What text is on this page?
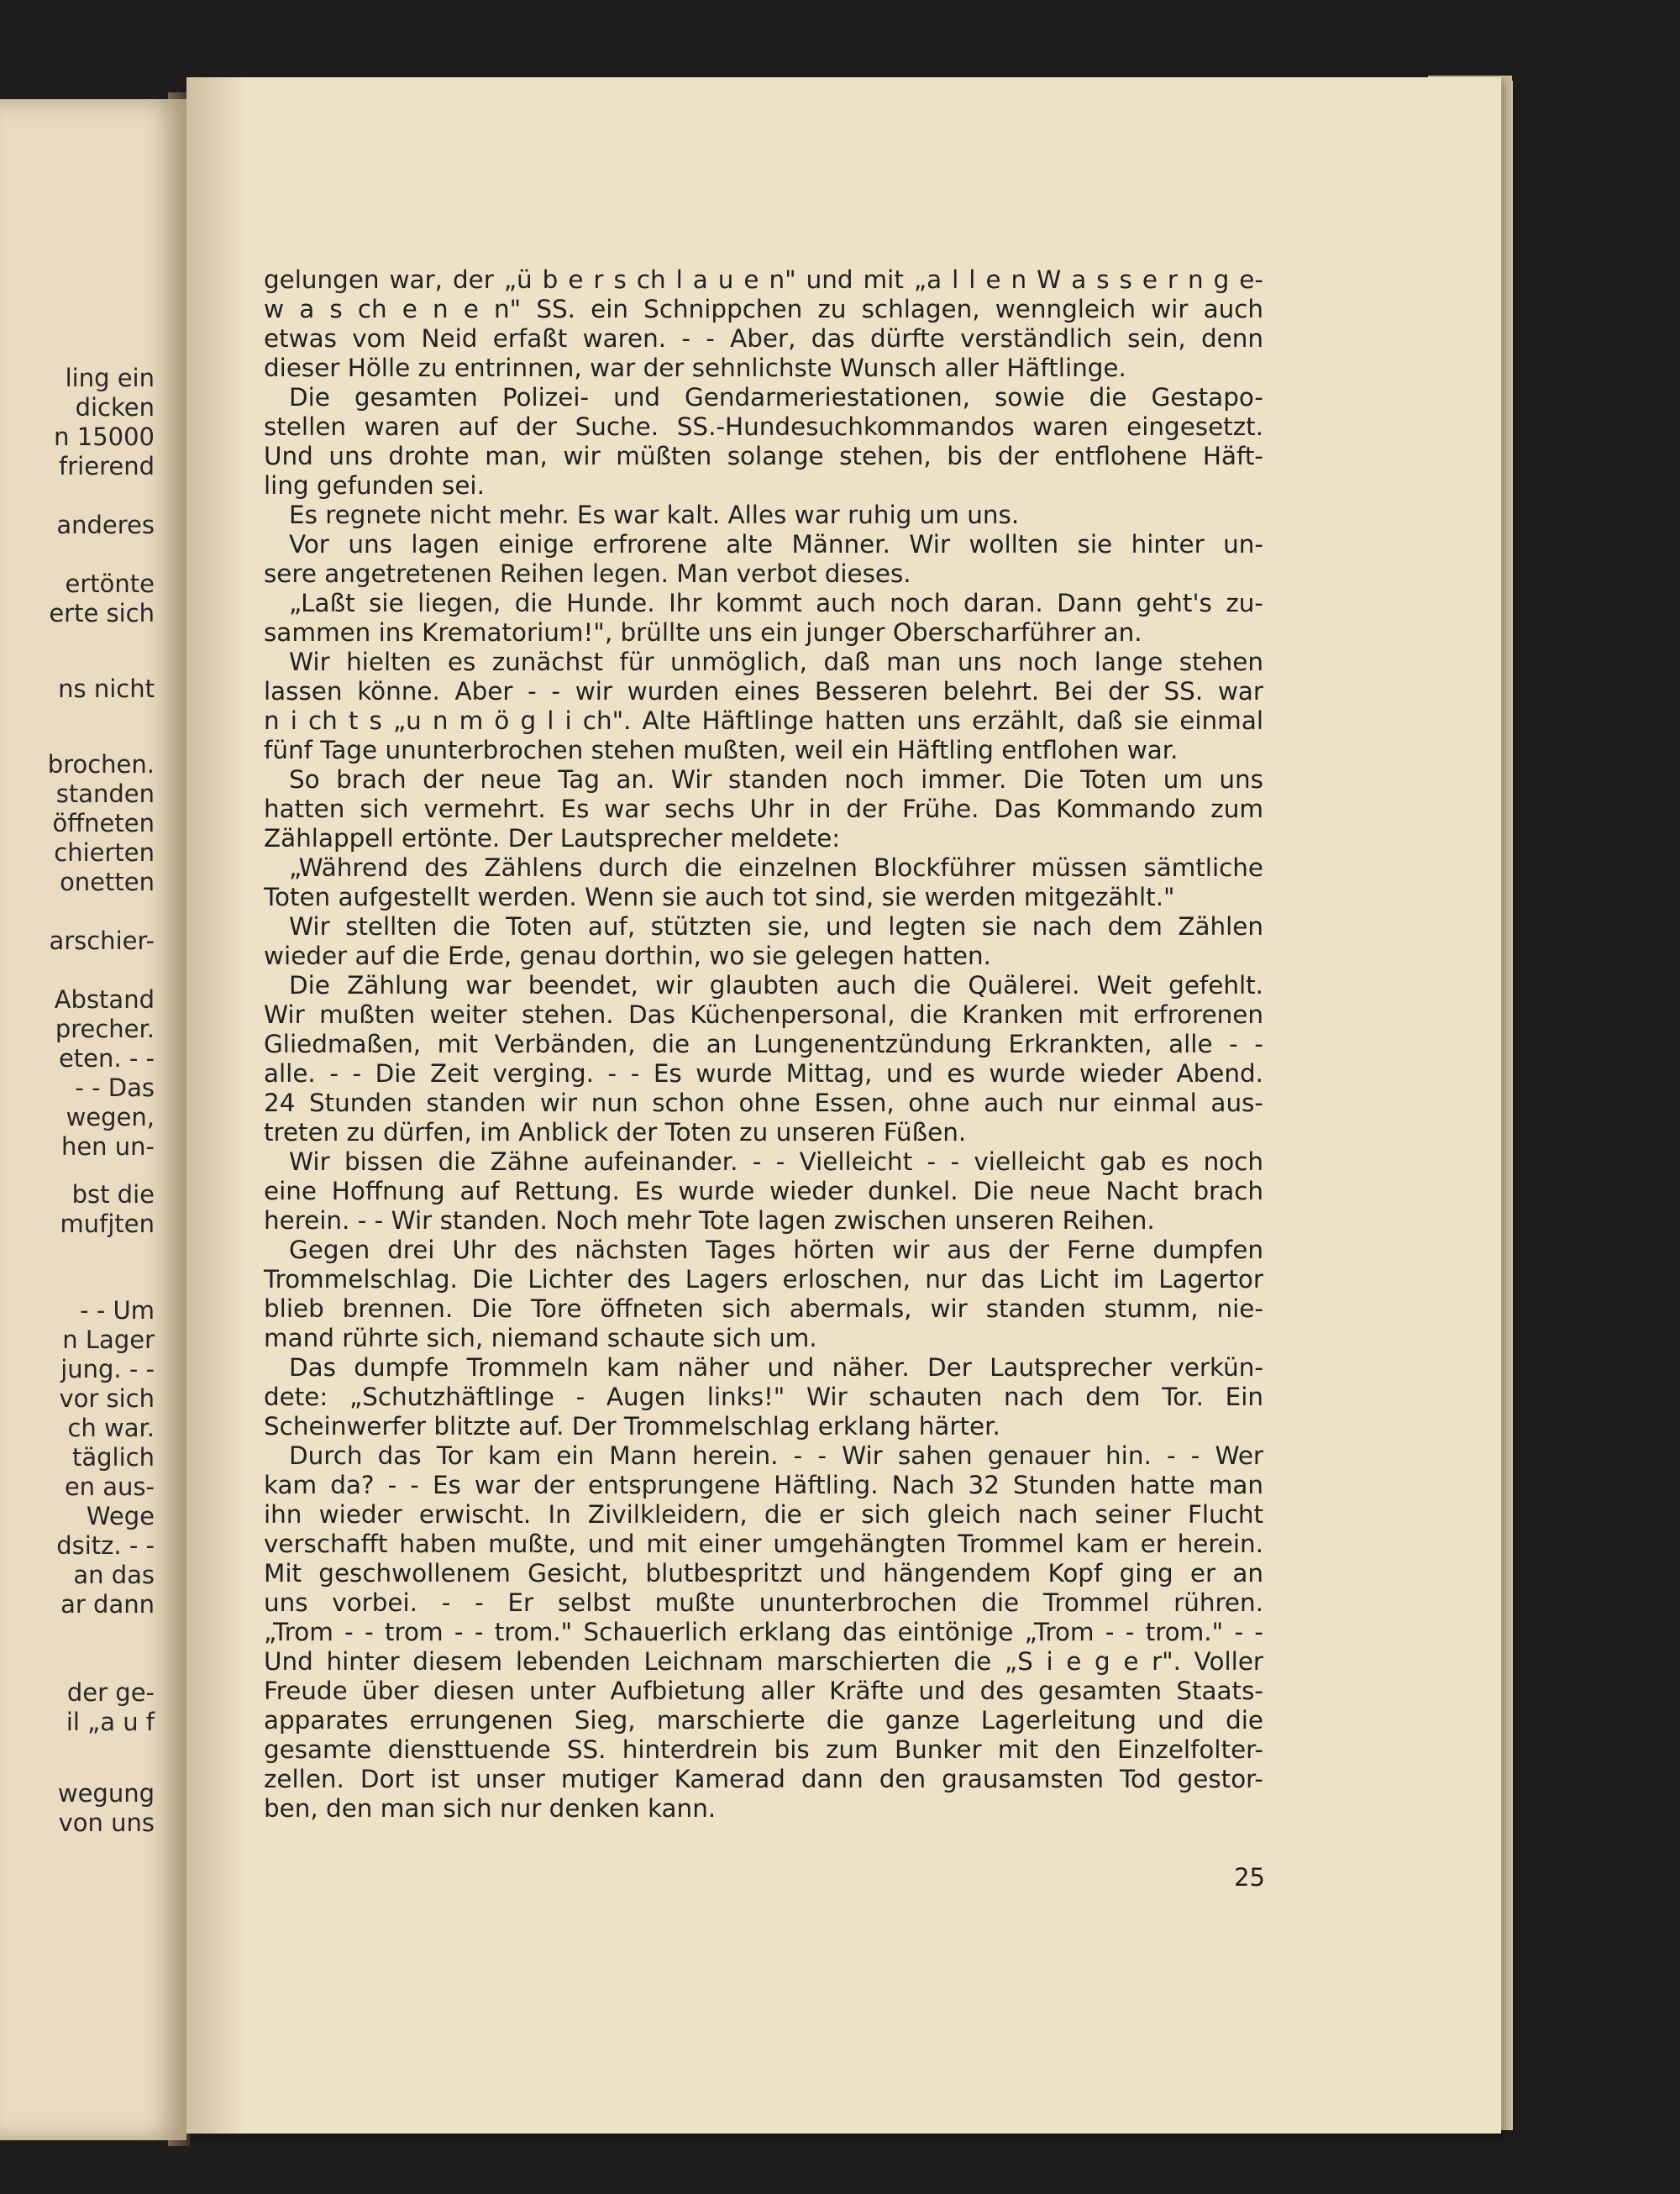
ling ein
dicken
n 15000
frierend
anderes
ertönte
erte sich
ns nicht
brochen.
standen
öffneten
chierten
onetten
arschier-
Abstand
precher.
eten. - -
- - Das
wegen,
hen un-
bst die
mufjten
- - Um
n Lager
jung. - -
vor sich
ch war.
täglich
en aus-
Wege
dsitz. - -
an das
ar dann
der ge-
il „a u f
wegung
von uns
gelungen war, der „ü b e r s ch l a u e n" und mit „a l l e n W a s s e r n g e-
w a s ch e n e n" SS. ein Schnippchen zu schlagen, wenngleich wir auch
etwas vom Neid erfaßt waren. - - Aber, das dürfte verständlich sein, denn
dieser Hölle zu entrinnen, war der sehnlichste Wunsch aller Häftlinge.
Die gesamten Polizei- und Gendarmeriestationen, sowie die Gestapo-
stellen waren auf der Suche. SS.-Hundesuchkommandos waren eingesetzt.
Und uns drohte man, wir müßten solange stehen, bis der entflohene Häft-
ling gefunden sei.
Es regnete nicht mehr. Es war kalt. Alles war ruhig um uns.
Vor uns lagen einige erfrorene alte Männer. Wir wollten sie hinter un-
sere angetretenen Reihen legen. Man verbot dieses.
„Laßt sie liegen, die Hunde. Ihr kommt auch noch daran. Dann geht's zu-
sammen ins Krematorium!", brüllte uns ein junger Oberscharführer an.
Wir hielten es zunächst für unmöglich, daß man uns noch lange stehen
lassen könne. Aber - - wir wurden eines Besseren belehrt. Bei der SS. war
n i ch t s „u n m ö g l i ch". Alte Häftlinge hatten uns erzählt, daß sie einmal
fünf Tage ununterbrochen stehen mußten, weil ein Häftling entflohen war.
So brach der neue Tag an. Wir standen noch immer. Die Toten um uns
hatten sich vermehrt. Es war sechs Uhr in der Frühe. Das Kommando zum
Zählappell ertönte. Der Lautsprecher meldete:
„Während des Zählens durch die einzelnen Blockführer müssen sämtliche
Toten aufgestellt werden. Wenn sie auch tot sind, sie werden mitgezählt."
Wir stellten die Toten auf, stützten sie, und legten sie nach dem Zählen
wieder auf die Erde, genau dorthin, wo sie gelegen hatten.
Die Zählung war beendet, wir glaubten auch die Quälerei. Weit gefehlt.
Wir mußten weiter stehen. Das Küchenpersonal, die Kranken mit erfrorenen
Gliedmaßen, mit Verbänden, die an Lungenentzündung Erkrankten, alle - -
alle. - - Die Zeit verging. - - Es wurde Mittag, und es wurde wieder Abend.
24 Stunden standen wir nun schon ohne Essen, ohne auch nur einmal aus-
treten zu dürfen, im Anblick der Toten zu unseren Füßen.
Wir bissen die Zähne aufeinander. - - Vielleicht - - vielleicht gab es noch
eine Hoffnung auf Rettung. Es wurde wieder dunkel. Die neue Nacht brach
herein. - - Wir standen. Noch mehr Tote lagen zwischen unseren Reihen.
Gegen drei Uhr des nächsten Tages hörten wir aus der Ferne dumpfen
Trommelschlag. Die Lichter des Lagers erloschen, nur das Licht im Lagertor
blieb brennen. Die Tore öffneten sich abermals, wir standen stumm, nie-
mand rührte sich, niemand schaute sich um.
Das dumpfe Trommeln kam näher und näher. Der Lautsprecher verkün-
dete: „Schutzhäftlinge - Augen links!" Wir schauten nach dem Tor. Ein
Scheinwerfer blitzte auf. Der Trommelschlag erklang härter.
Durch das Tor kam ein Mann herein. - - Wir sahen genauer hin. - - Wer
kam da? - - Es war der entsprungene Häftling. Nach 32 Stunden hatte man
ihn wieder erwischt. In Zivilkleidern, die er sich gleich nach seiner Flucht
verschafft haben mußte, und mit einer umgehängten Trommel kam er herein.
Mit geschwollenem Gesicht, blutbespritzt und hängendem Kopf ging er an
uns vorbei. - - Er selbst mußte ununterbrochen die Trommel rühren.
„Trom - - trom - - trom." Schauerlich erklang das eintönige „Trom - - trom." - -
Und hinter diesem lebenden Leichnam marschierten die „S i e g e r". Voller
Freude über diesen unter Aufbietung aller Kräfte und des gesamten Staats-
apparates errungenen Sieg, marschierte die ganze Lagerleitung und die
gesamte diensttuende SS. hinterdrein bis zum Bunker mit den Einzelfolter-
zellen. Dort ist unser mutiger Kamerad dann den grausamsten Tod gestor-
ben, den man sich nur denken kann.
25
